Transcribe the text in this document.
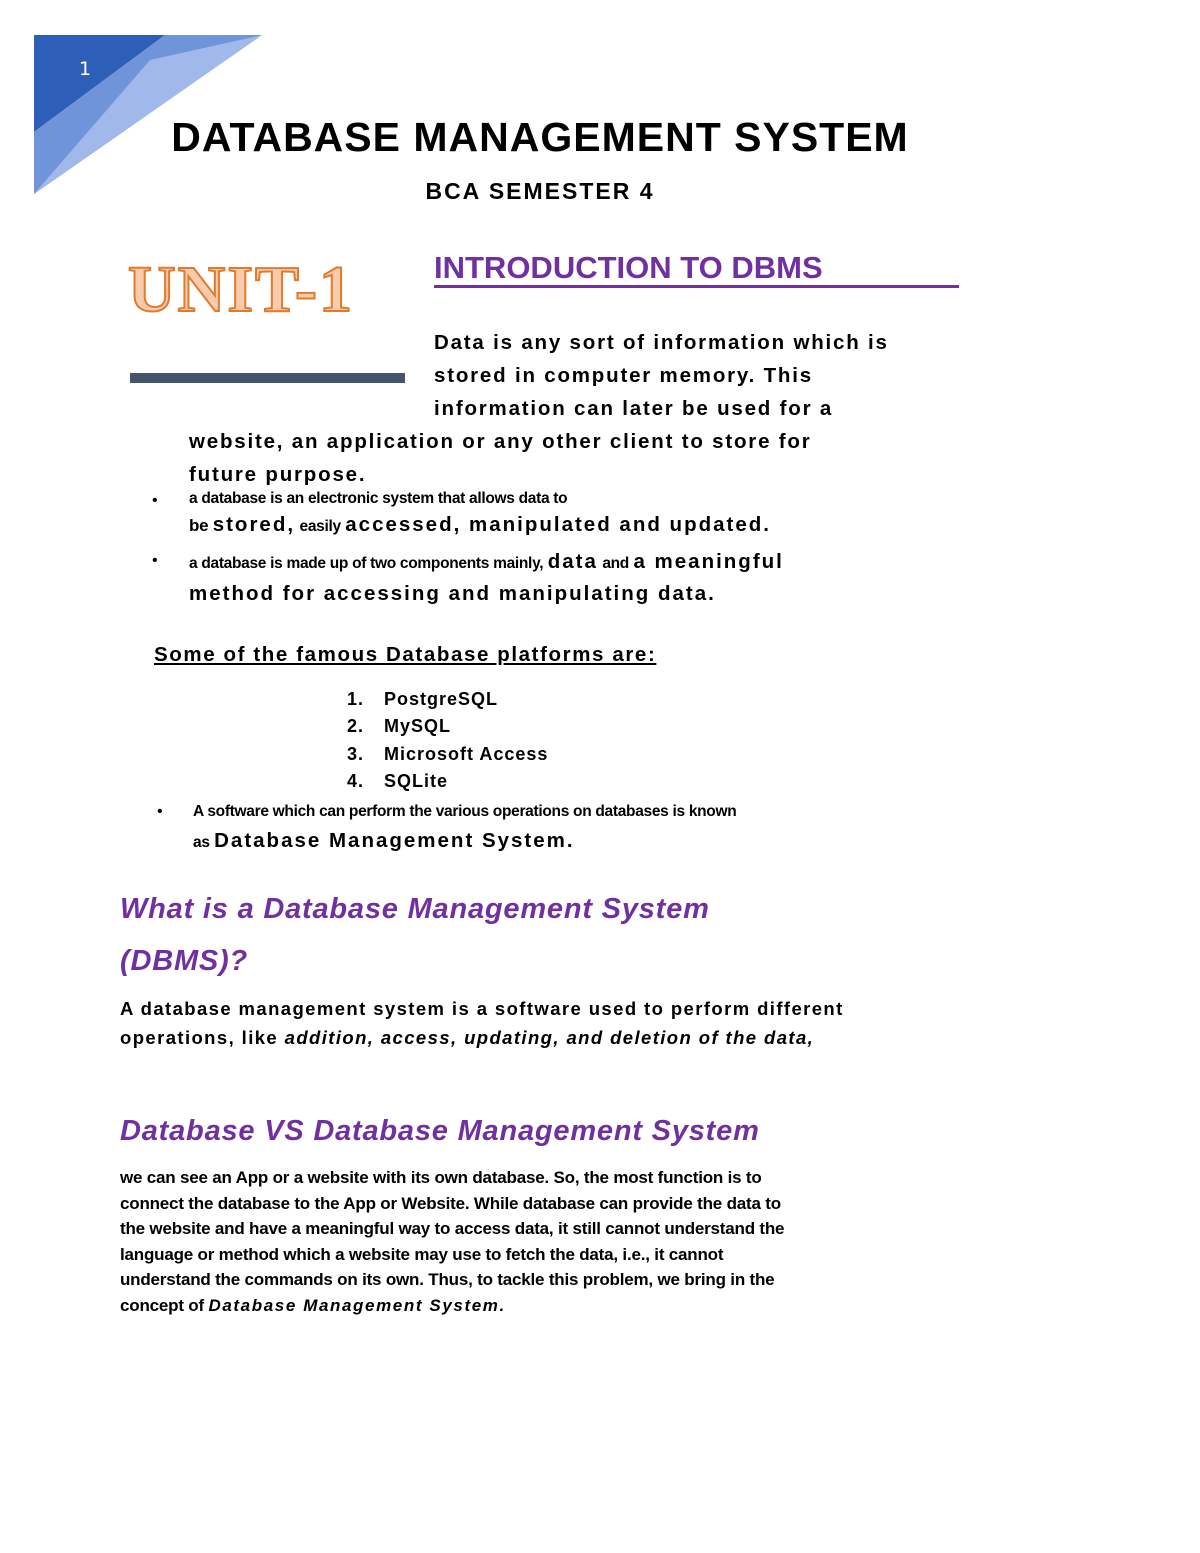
1
DATABASE MANAGEMENT SYSTEM
BCA SEMESTER 4
UNIT-1	INTRODUCTION TO DBMS
Data is any sort of information which is
stored in computer memory. This
information can later be used for a
website, an application or any other client to store for
future purpose.
• a database is an electronic system that allows data to
be stored, easily accessed, manipulated and updated.
• a database is made up of two components mainly, data and a meaningful
method for accessing and manipulating data.
Some of the famous Database platforms are:
1. PostgreSQL
2. MySQL
3. Microsoft Access
4. SQLite
• A software which can perform the various operations on databases is known
as Database Management System.
What is a Database Management System
(DBMS)?
A database management system is a software used to perform different
operations, like addition, access, updating, and deletion of the data,
Database VS Database Management System
we can see an App or a website with its own database. So, the most function is to
connect the database to the App or Website. While database can provide the data to
the website and have a meaningful way to access data, it still cannot understand the
language or method which a website may use to fetch the data, i.e., it cannot
understand the commands on its own. Thus, to tackle this problem, we bring in the
concept of Database Management System.
